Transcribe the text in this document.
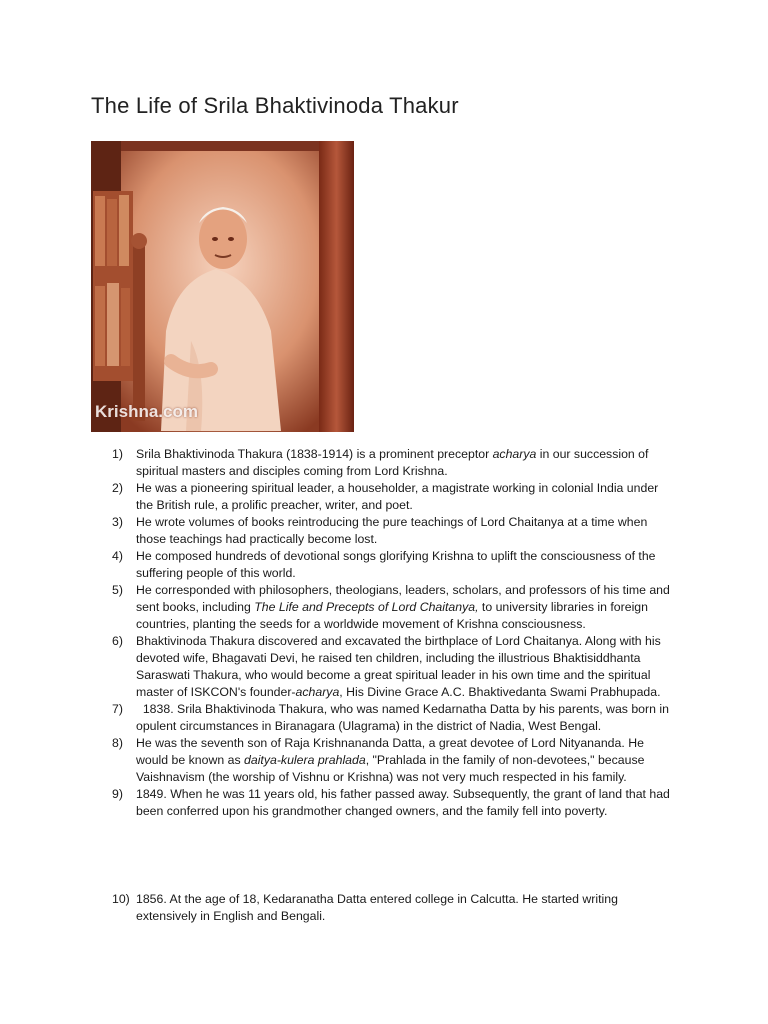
The Life of Srila Bhaktivinoda Thakur
Krishna.com
1) Srila Bhaktivinoda Thakura (1838-1914) is a prominent preceptor acharya in our succession of spiritual masters and disciples coming from Lord Krishna.
2) He was a pioneering spiritual leader, a householder, a magistrate working in colonial India under the British rule, a prolific preacher, writer, and poet.
3) He wrote volumes of books reintroducing the pure teachings of Lord Chaitanya at a time when those teachings had practically become lost.
4) He composed hundreds of devotional songs glorifying Krishna to uplift the consciousness of the suffering people of this world.
5) He corresponded with philosophers, theologians, leaders, scholars, and professors of his time and sent books, including The Life and Precepts of Lord Chaitanya, to university libraries in foreign countries, planting the seeds for a worldwide movement of Krishna consciousness.
6) Bhaktivinoda Thakura discovered and excavated the birthplace of Lord Chaitanya. Along with his devoted wife, Bhagavati Devi, he raised ten children, including the illustrious Bhaktisiddhanta Saraswati Thakura, who would become a great spiritual leader in his own time and the spiritual master of ISKCON's founder-acharya, His Divine Grace A.C. Bhaktivedanta Swami Prabhupada.
7) 1838. Srila Bhaktivinoda Thakura, who was named Kedarnatha Datta by his parents, was born in opulent circumstances in Biranagara (Ulagrama) in the district of Nadia, West Bengal.
8) He was the seventh son of Raja Krishnananda Datta, a great devotee of Lord Nityananda. He would be known as daitya-kulera prahlada, "Prahlada in the family of non-devotees," because Vaishnavism (the worship of Vishnu or Krishna) was not very much respected in his family.
9) 1849. When he was 11 years old, his father passed away. Subsequently, the grant of land that had been conferred upon his grandmother changed owners, and the family fell into poverty.
10) 1856. At the age of 18, Kedaranatha Datta entered college in Calcutta. He started writing extensively in English and Bengali.
